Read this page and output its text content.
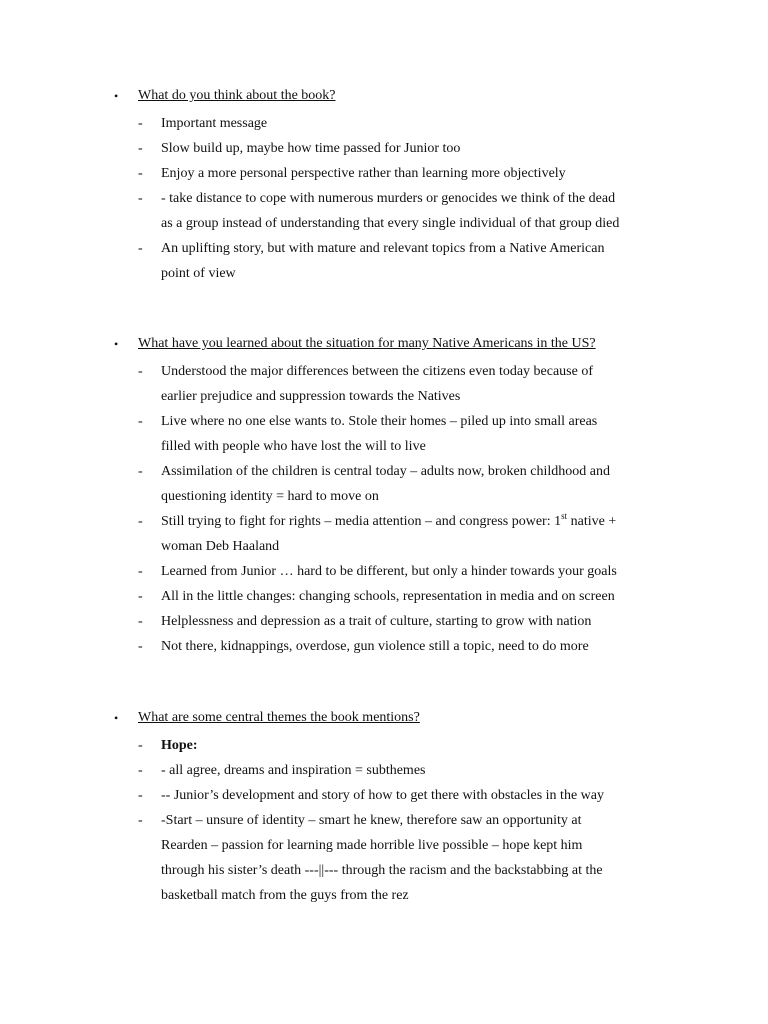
•	What do you think about the book?
- Important message
- Slow build up, maybe how time passed for Junior too
- Enjoy a more personal perspective rather than learning more objectively
- - take distance to cope with numerous murders or genocides we think of the dead
as a group instead of understanding that every single individual of that group died
- An uplifting story, but with mature and relevant topics from a Native American
point of view
•	What have you learned about the situation for many Native Americans in the US?
- Understood the major differences between the citizens even today because of
earlier prejudice and suppression towards the Natives
- Live where no one else wants to. Stole their homes – piled up into small areas
filled with people who have lost the will to live
- Assimilation of the children is central today – adults now, broken childhood and
questioning identity = hard to move on
- Still trying to fight for rights – media attention – and congress power: 1st native +
woman Deb Haaland
- Learned from Junior … hard to be different, but only a hinder towards your goals
- All in the little changes: changing schools, representation in media and on screen
- Helplessness and depression as a trait of culture, starting to grow with nation
- Not there, kidnappings, overdose, gun violence still a topic, need to do more
•	What are some central themes the book mentions?
- Hope:
- - all agree, dreams and inspiration = subthemes
- -- Junior’s development and story of how to get there with obstacles in the way
- -Start – unsure of identity – smart he knew, therefore saw an opportunity at
Rearden – passion for learning made horrible live possible – hope kept him
through his sister’s death ---||--- through the racism and the backstabbing at the
basketball match from the guys from the rez
